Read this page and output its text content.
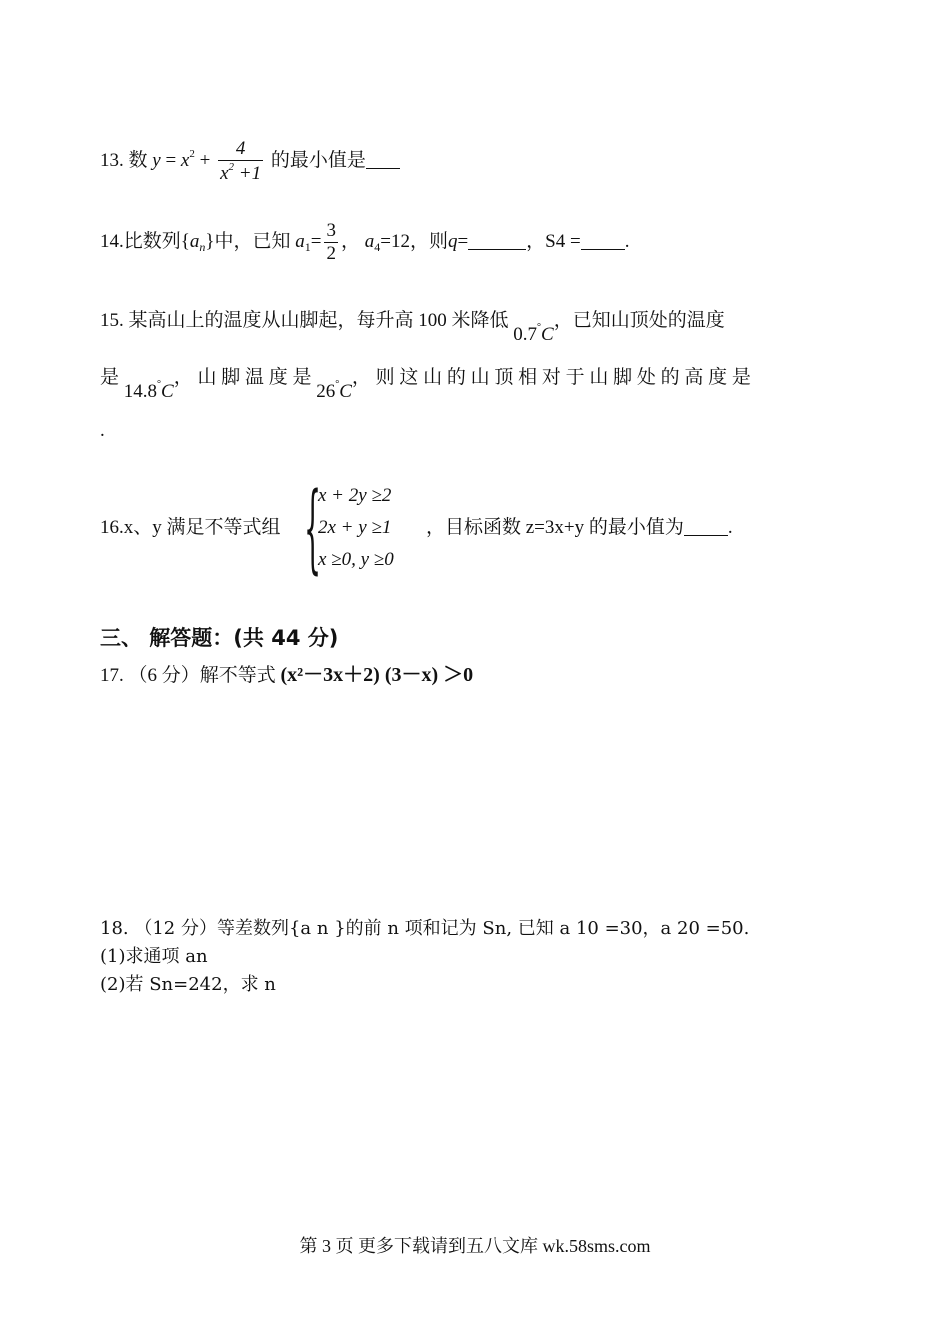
13. 数 $y = x^2 + \frac{4}{x^2 +1}$ 的最小值是
14.比数列$\{a_n\}$中，已知 $a_1= \frac{3}{2}$ ， $a_4=12$，则q=	，S4 = .
15. 某高山上的温度从山脚起，每升高 100 米降低 0.7°C，已知山顶处的温度
是 14.8°C， 山 脚 温 度 是 26°C， 则 这 山 的 山 顶 相 对 于 山 脚 处 的 高 度 是
.
16.x、y 满足不等式组 {
x + 2y ≥2
2x + y ≥1
x ≥0, y ≥0
，目标函数 z=3x+y 的最小值为 .
三、 解答题：(共 44 分)
17. （6 分）解不等式 (x²－3x＋2) (3－x) ＞0
18. （12 分）等差数列{a n }的前 n 项和记为 Sn, 已知 a 10 =30，a 20 =50.
(1)求通项 an
(2)若 Sn=242，求 n
第 3 页 更多下载请到五八文库 wk.58sms.com
